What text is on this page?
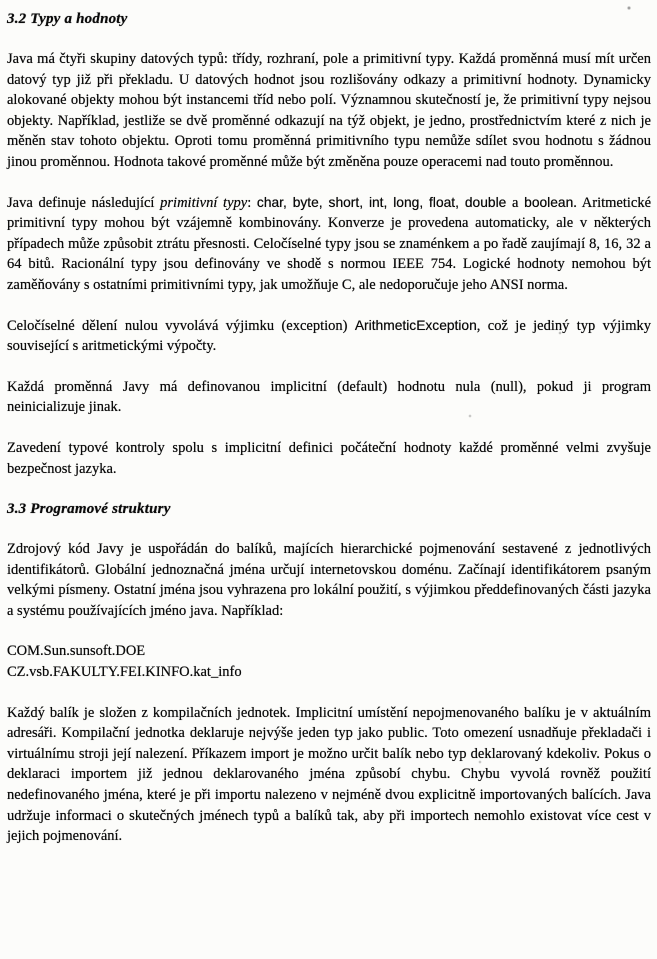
3.2 Typy a hodnoty

Java má čtyři skupiny datových typů: třídy, rozhraní, pole a primitivní typy. Každá proměnná musí mít určen datový typ již při překladu. U datových hodnot jsou rozlišovány odkazy a primitivní hodnoty. Dynamicky alokované objekty mohou být instancemi tříd nebo polí. Významnou skutečností je, že primitivní typy nejsou objekty. Například, jestliže se dvě proměnné odkazují na týž objekt, je jedno, prostřednictvím které z nich je měněn stav tohoto objektu. Oproti tomu proměnná primitivního typu nemůže sdílet svou hodnotu s žádnou jinou proměnnou. Hodnota takové proměnné může být změněna pouze operacemi nad touto proměnnou.

Java definuje následující primitivní typy: char, byte, short, int, long, float, double a boolean. Aritmetické primitivní typy mohou být vzájemně kombinovány. Konverze je provedena automaticky, ale v některých případech může způsobit ztrátu přesnosti. Celočíselné typy jsou se znaménkem a po řadě zaujímají 8, 16, 32 a 64 bitů. Racionální typy jsou definovány ve shodě s normou IEEE 754. Logické hodnoty nemohou být zaměňovány s ostatními primitivními typy, jak umožňuje C, ale nedoporučuje jeho ANSI norma.

Celočíselné dělení nulou vyvolává výjimku (exception) ArithmeticException, což je jediný typ výjimky související s aritmetickými výpočty.

Každá proměnná Javy má definovanou implicitní (default) hodnotu nula (null), pokud ji program neinicializuje jinak.

Zavedení typové kontroly spolu s implicitní definici počáteční hodnoty každé proměnné velmi zvyšuje bezpečnost jazyka.

3.3 Programové struktury

Zdrojový kód Javy je uspořádán do balíků, majících hierarchické pojmenování sestavené z jednotlivých identifikátorů. Globální jednoznačná jména určují internetovskou doménu. Začínají identifikátorem psaným velkými písmeny. Ostatní jména jsou vyhrazena pro lokální použití, s výjimkou předdefinovaných části jazyka a systému používajících jméno java. Například:

COM.Sun.sunsoft.DOE
CZ.vsb.FAKULTY.FEI.KINFO.kat_info

Každý balík je složen z kompilačních jednotek. Implicitní umístění nepojmenovaného balíku je v aktuálním adresáři. Kompilační jednotka deklaruje nejvýše jeden typ jako public. Toto omezení usnadňuje překladači i virtuálnímu stroji její nalezení. Příkazem import je možno určit balík nebo typ deklarovaný kdekoliv. Pokus o deklaraci importem již jednou deklarovaného jména způsobí chybu. Chybu vyvolá rovněž použití nedefinovaného jména, které je při importu nalezeno v nejméně dvou explicitně importovaných balících. Java udržuje informaci o skutečných jménech typů a balíků tak, aby při importech nemohlo existovat více cest v jejich pojmenování.
